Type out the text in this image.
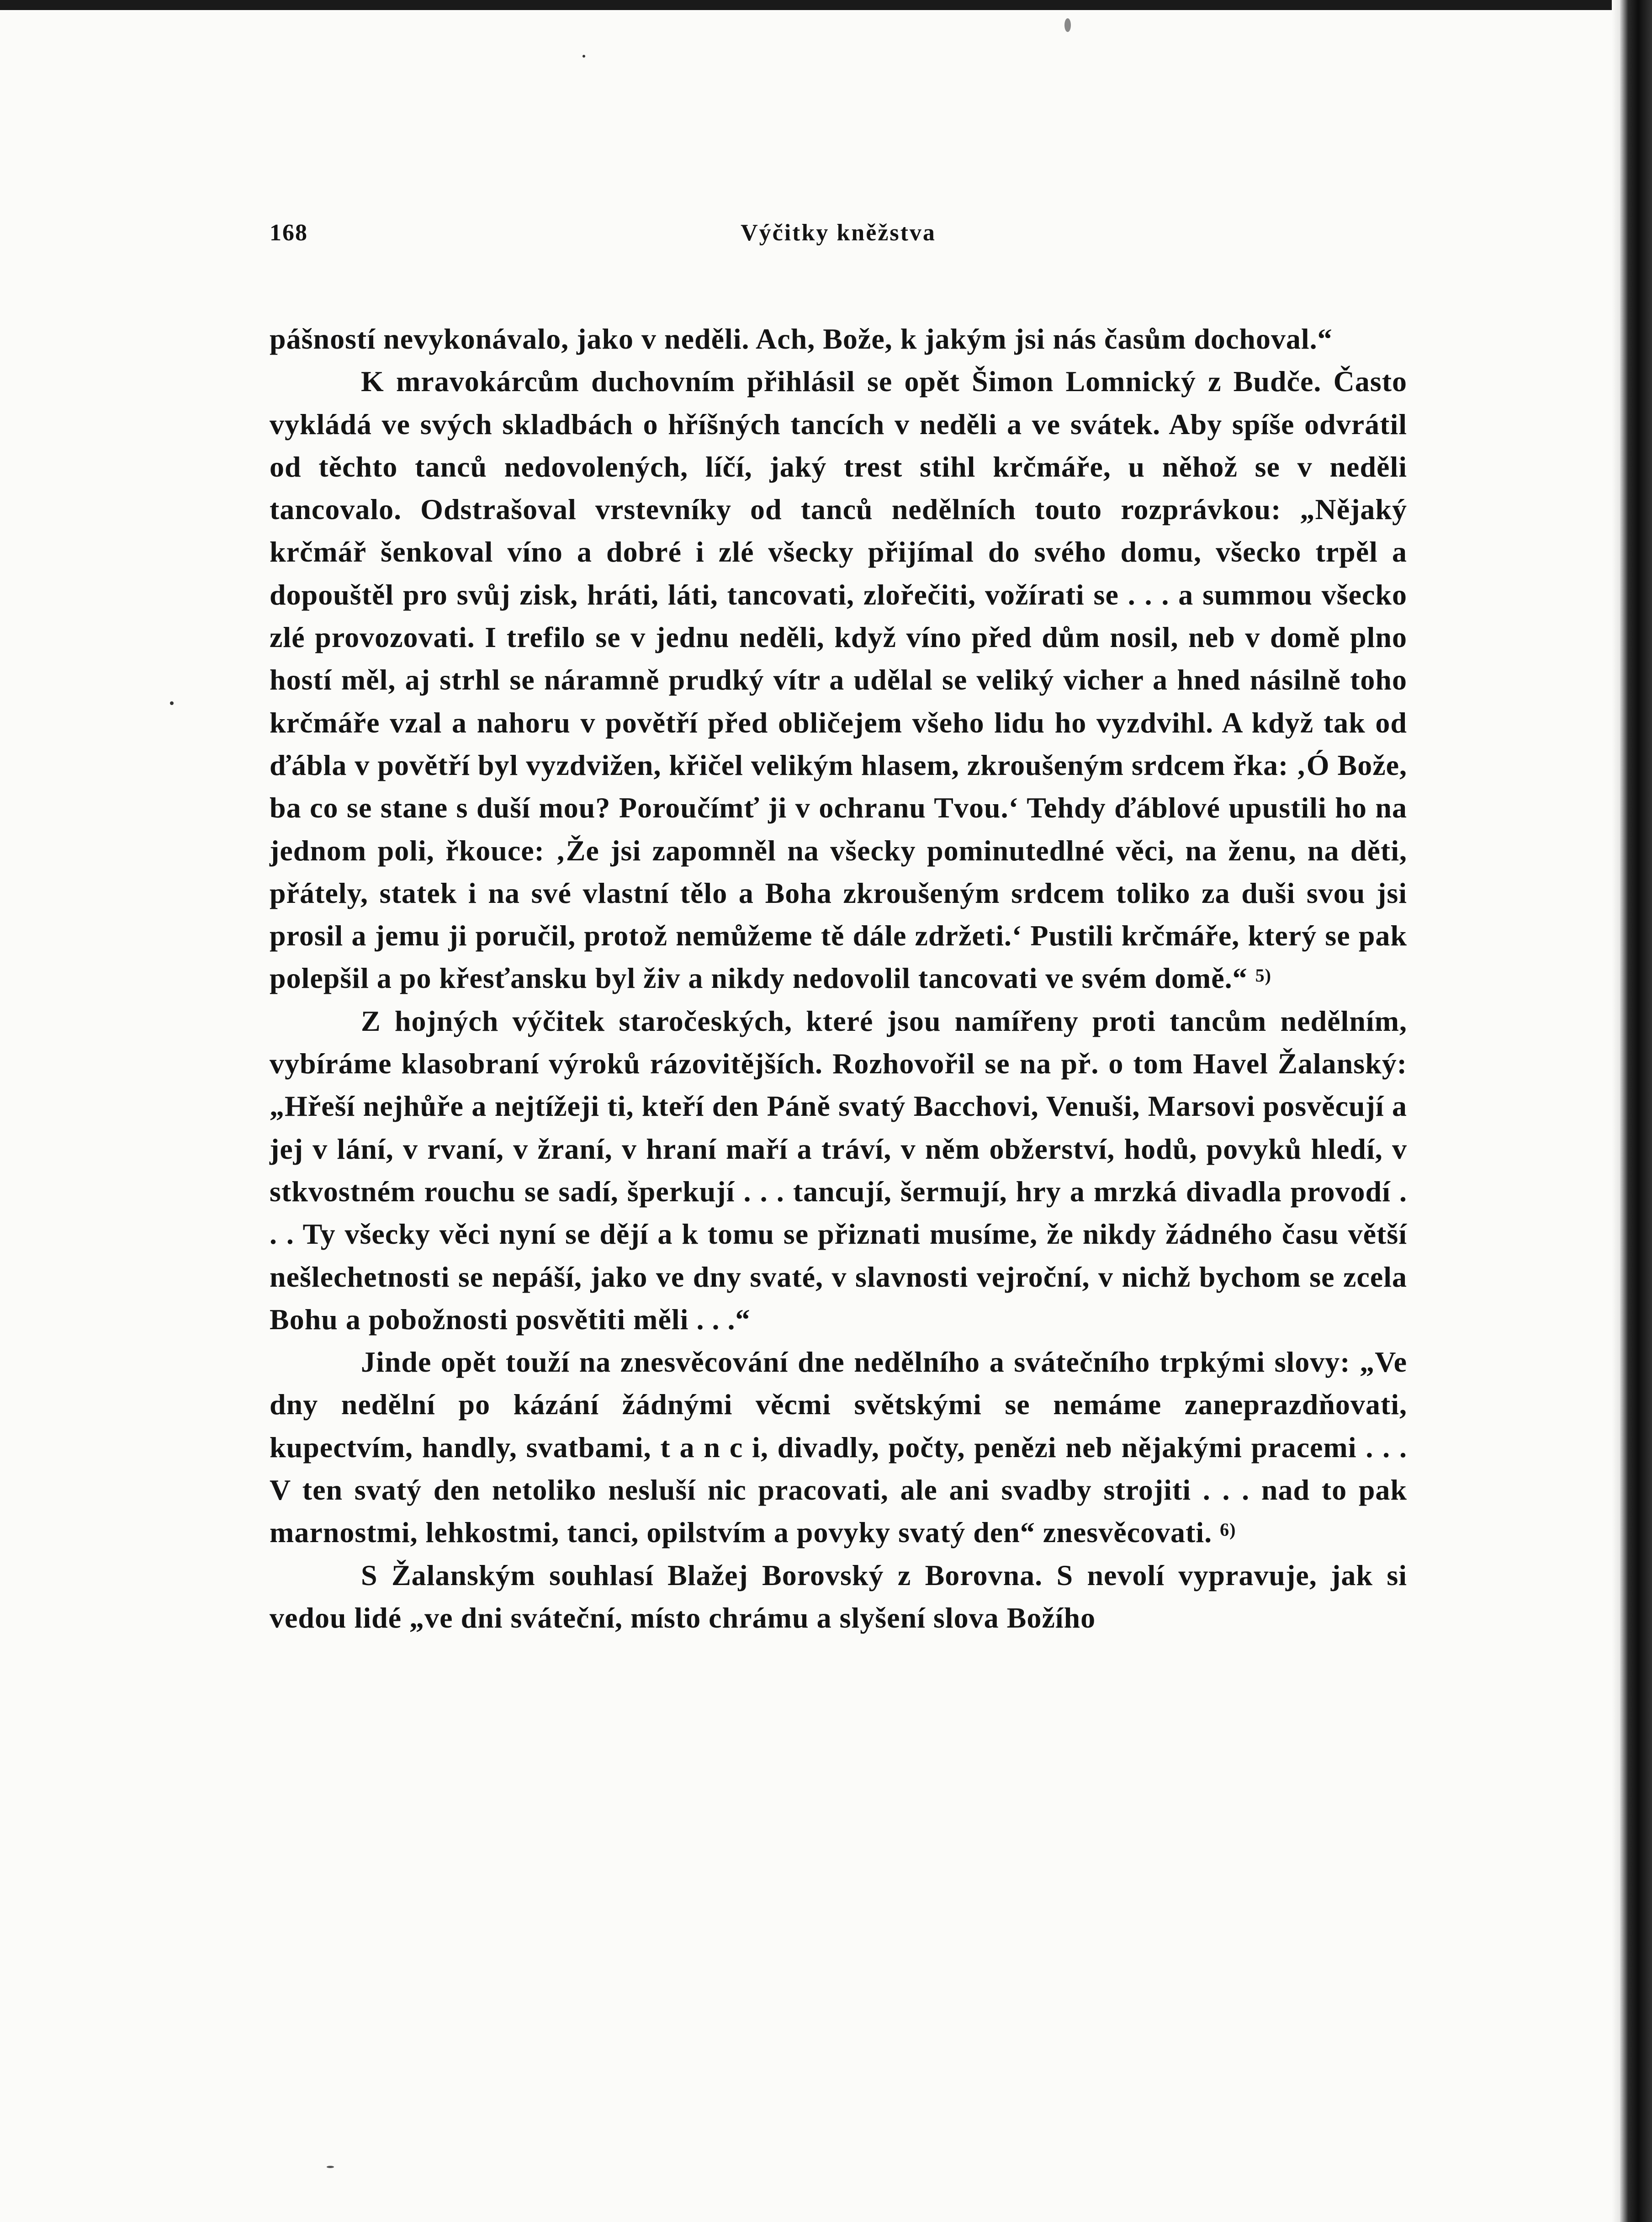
168	Výčitky kněžstva

pášností nevykonávalo, jako v neděli. Ach, Bože, k jakým jsi nás časům dochoval.“

K mravokárcům duchovním přihlásil se opět Šimon Lomnický z Budče. Často vykládá ve svých skladbách o hříšných tancích v neděli a ve svátek. Aby spíše odvrátil od těchto tanců nedovolených, líčí, jaký trest stihl krčmáře, u něhož se v neděli tancovalo. Odstrašoval vrstevníky od tanců nedělních touto rozprávkou: „Nějaký krčmář šenkoval víno a dobré i zlé všecky přijímal do svého domu, všecko trpěl a dopouštěl pro svůj zisk, hráti, láti, tancovati, zlořečiti, vožírati se . . . a summou všecko zlé provozovati. I trefilo se v jednu neděli, když víno před dům nosil, neb v domě plno hostí měl, aj strhl se náramně prudký vítr a udělal se veliký vicher a hned násilně toho krčmáře vzal a nahoru v povětří před obličejem všeho lidu ho vyzdvihl. A když tak od ďábla v povětří byl vyzdvižen, křičel velikým hlasem, zkroušeným srdcem řka: ‚Ó Bože, ba co se stane s duší mou? Poroučímť ji v ochranu Tvou.‘ Tehdy ďáblové upustili ho na jednom poli, řkouce: ‚Že jsi zapomněl na všecky pominutedlné věci, na ženu, na děti, přátely, statek i na své vlastní tělo a Boha zkroušeným srdcem toliko za duši svou jsi prosil a jemu ji poručil, protož nemůžeme tě dále zdržeti.‘ Pustili krčmáře, který se pak polepšil a po křesťansku byl živ a nikdy nedovolil tancovati ve svém domě.“ $^{5)}$

Z hojných výčitek staročeských, které jsou namířeny proti tancům nedělním, vybíráme klasobraní výroků rázovitějších. Rozhovořil se na př. o tom Havel Žalanský: „Hřeší nejhůře a nejtížeji ti, kteří den Páně svatý Bacchovi, Venuši, Marsovi posvěcují a jej v lání, v rvaní, v žraní, v hraní maří a tráví, v něm obžerství, hodů, povyků hledí, v stkvostném rouchu se sadí, šperkují . . . tancují, šermují, hry a mrzká divadla provodí . . . Ty všecky věci nyní se dějí a k tomu se přiznati musíme, že nikdy žádného času větší nešlechetnosti se nepáší, jako ve dny svaté, v slavnosti vejroční, v nichž bychom se zcela Bohu a pobožnosti posvětiti měli . . .“

Jinde opět touží na znesvěcování dne nedělního a svátečního trpkými slovy: „Ve dny nedělní po kázání žádnými věcmi světskými se nemáme zaneprazdňovati, kupectvím, handly, svatbami, t a n c i, divadly, počty, penězi neb nějakými pracemi . . . V ten svatý den netoliko nesluší nic pracovati, ale ani svadby strojiti . . . nad to pak marnostmi, lehkostmi, tanci, opilstvím a povyky svatý den“ znesvěcovati. $^{6)}$

S Žalanským souhlasí Blažej Borovský z Borovna. S nevolí vypravuje, jak si vedou lidé „ve dni sváteční, místo chrámu a slyšení slova Božího
